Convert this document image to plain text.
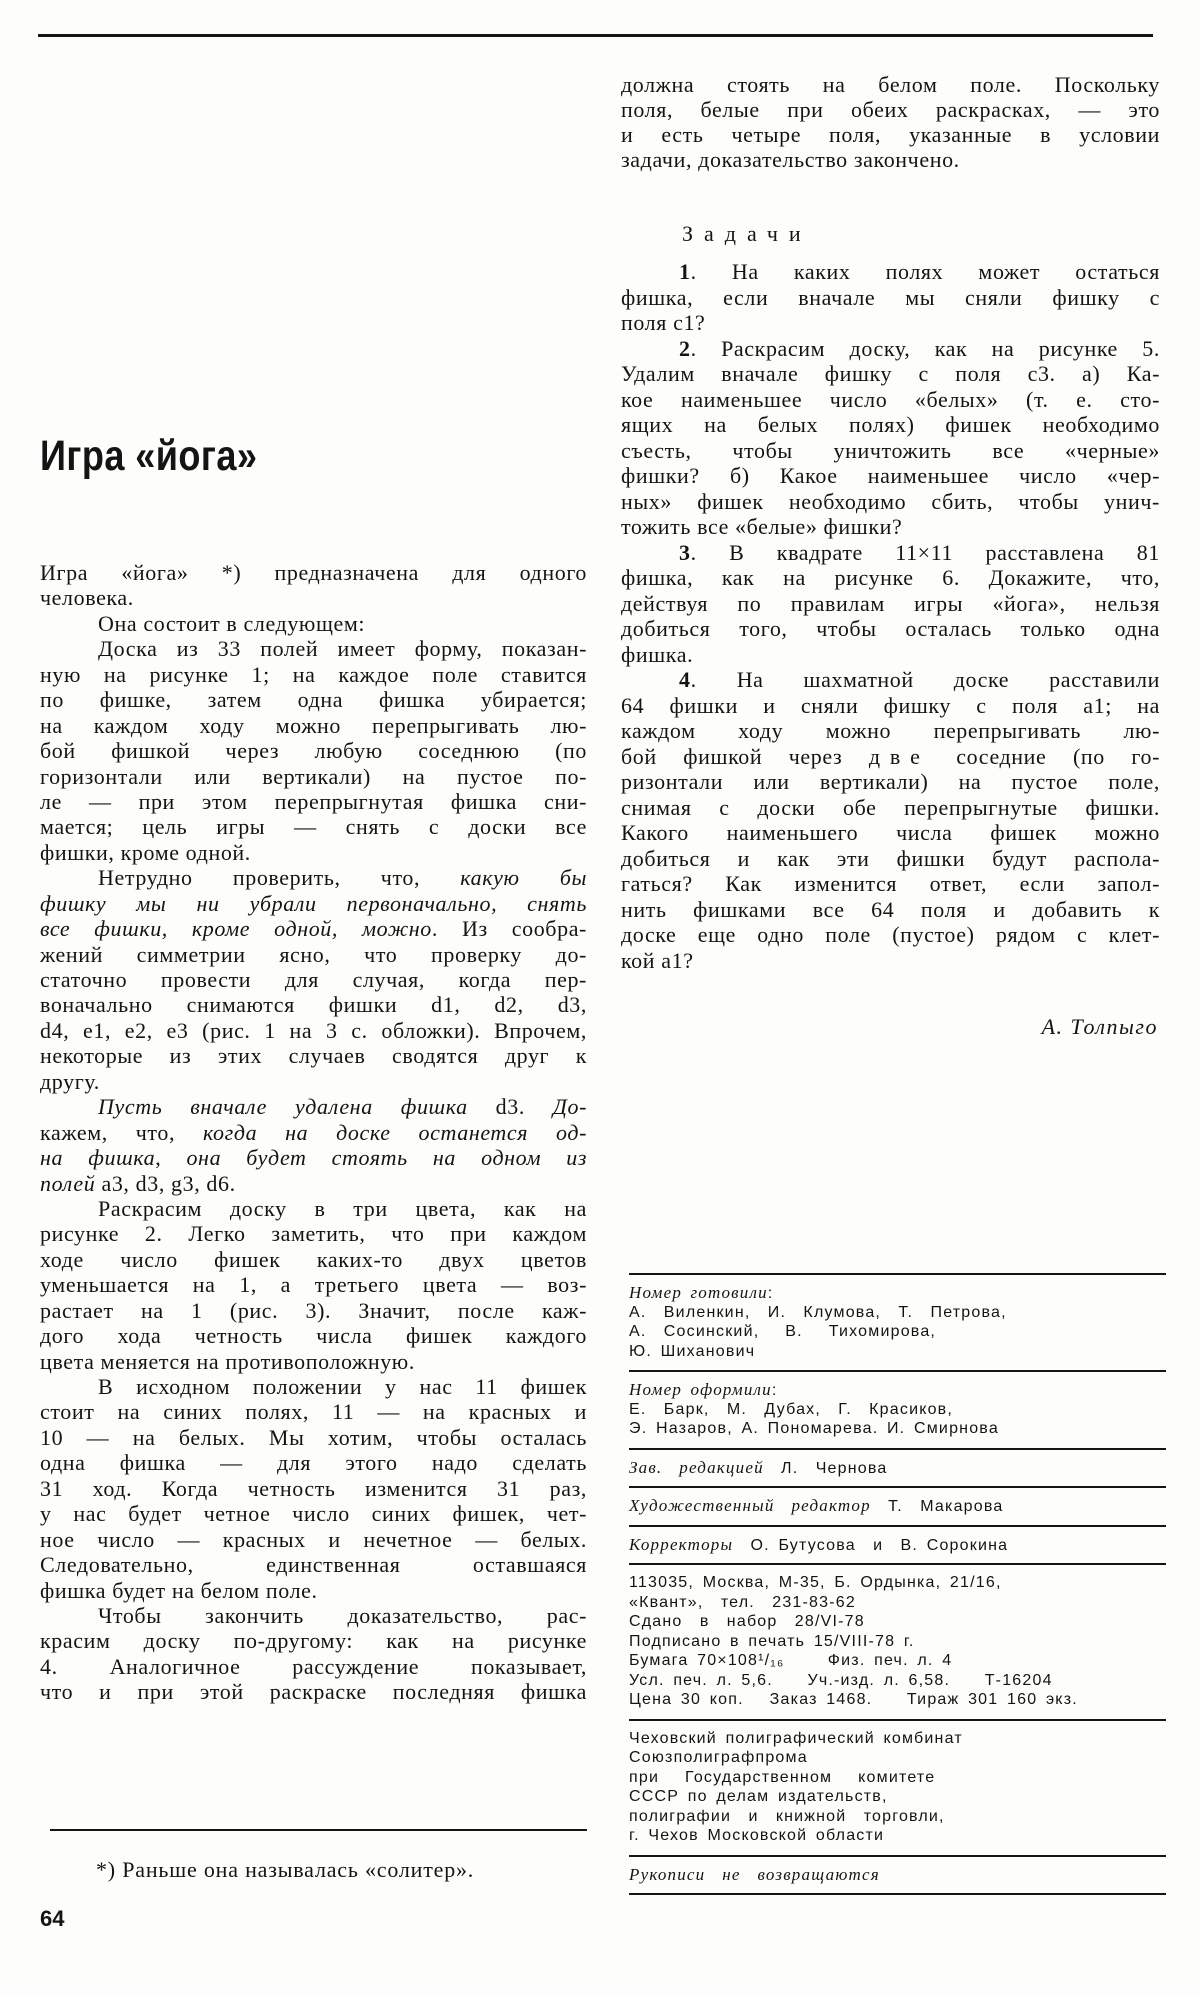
Игра «йога»
Игра «йога» *) предназначена для одного
человека.
Она состоит в следующем:
Доска из 33 полей имеет форму, показан-
ную на рисунке 1; на каждое поле ставится
по фишке, затем одна фишка убирается;
на каждом ходу можно перепрыгивать лю-
бой фишкой через любую соседнюю (по
горизонтали или вертикали) на пустое по-
ле — при этом перепрыгнутая фишка сни-
мается; цель игры — снять с доски все
фишки, кроме одной.
Нетрудно проверить, что, какую бы
фишку мы ни убрали первоначально, снять
все фишки, кроме одной, можно. Из сообра-
жений симметрии ясно, что проверку до-
статочно провести для случая, когда пер-
воначально снимаются фишки d1, d2, d3,
d4, e1, e2, e3 (рис. 1 на 3 с. обложки). Впрочем,
некоторые из этих случаев сводятся друг к
другу.
Пусть вначале удалена фишка d3. До-
кажем, что, когда на доске останется од-
на фишка, она будет стоять на одном из
полей a3, d3, g3, d6.
Раскрасим доску в три цвета, как на
рисунке 2. Легко заметить, что при каждом
ходе число фишек каких-то двух цветов
уменьшается на 1, а третьего цвета — воз-
растает на 1 (рис. 3). Значит, после каж-
дого хода четность числа фишек каждого
цвета меняется на противоположную.
В исходном положении у нас 11 фишек
стоит на синих полях, 11 — на красных и
10 — на белых. Мы хотим, чтобы осталась
одна фишка — для этого надо сделать
31 ход. Когда четность изменится 31 раз,
у нас будет четное число синих фишек, чет-
ное число — красных и нечетное — белых.
Следовательно, единственная оставшаяся
фишка будет на белом поле.
Чтобы закончить доказательство, рас-
красим доску по-другому: как на рисунке
4. Аналогичное рассуждение показывает,
что и при этой раскраске последняя фишка
должна стоять на белом поле. Поскольку
поля, белые при обеих раскрасках, — это
и есть четыре поля, указанные в условии
задачи, доказательство закончено.
Задачи
1. На каких полях может остаться
фишка, если вначале мы сняли фишку с
поля c1?
2. Раскрасим доску, как на рисунке 5.
Удалим вначале фишку с поля c3. а) Ка-
кое наименьшее число «белых» (т. е. сто-
ящих на белых полях) фишек необходимо
съесть, чтобы уничтожить все «черные»
фишки? б) Какое наименьшее число «чер-
ных» фишек необходимо сбить, чтобы унич-
тожить все «белые» фишки?
3. В квадрате 11×11 расставлена 81
фишка, как на рисунке 6. Докажите, что,
действуя по правилам игры «йога», нельзя
добиться того, чтобы осталась только одна
фишка.
4. На шахматной доске расставили
64 фишки и сняли фишку с поля a1; на
каждом ходу можно перепрыгивать лю-
бой фишкой через две соседние (по го-
ризонтали или вертикали) на пустое поле,
снимая с доски обе перепрыгнутые фишки.
Какого наименьшего числа фишек можно
добиться и как эти фишки будут распола-
гаться? Как изменится ответ, если запол-
нить фишками все 64 поля и добавить к
доске еще одно поле (пустое) рядом с клет-
кой a1?
А. Толпыго
Номер готовили:
А.  Виленкин,  И.  Клумова,  Т.  Петрова,
А.  Сосинский,   В.   Тихомирова,
Ю. Шиханович
Номер оформили:
Е.  Барк,  М.  Дубах,  Г.  Красиков,
Э. Назаров, А. Пономарева. И. Смирнова
Зав.  редакцией  Л.  Чернова
Художественный  редактор  Т.  Макарова
Корректоры  О. Бутусова  и  В. Сорокина
113035, Москва, М-35, Б. Ордынка, 21/16,
«Квант»,  тел.  231-83-62
Сдано  в  набор  28/VI-78
Подписано в печать 15/VIII-78 г.
Бумага 70×108¹/₁₆     Физ. печ. л. 4
Усл. печ. л. 5,6.    Уч.-изд. л. 6,58.    Т-16204
Цена 30 коп.   Заказ 1468.    Тираж 301 160 экз.
Чеховский полиграфический комбинат
Союзполиграфпрома
при   Государственном   комитете
СССР по делам издательств,
полиграфии  и  книжной  торговли,
г. Чехов Московской области
Рукописи  не  возвращаются
*) Раньше она называлась «солитер».
64
